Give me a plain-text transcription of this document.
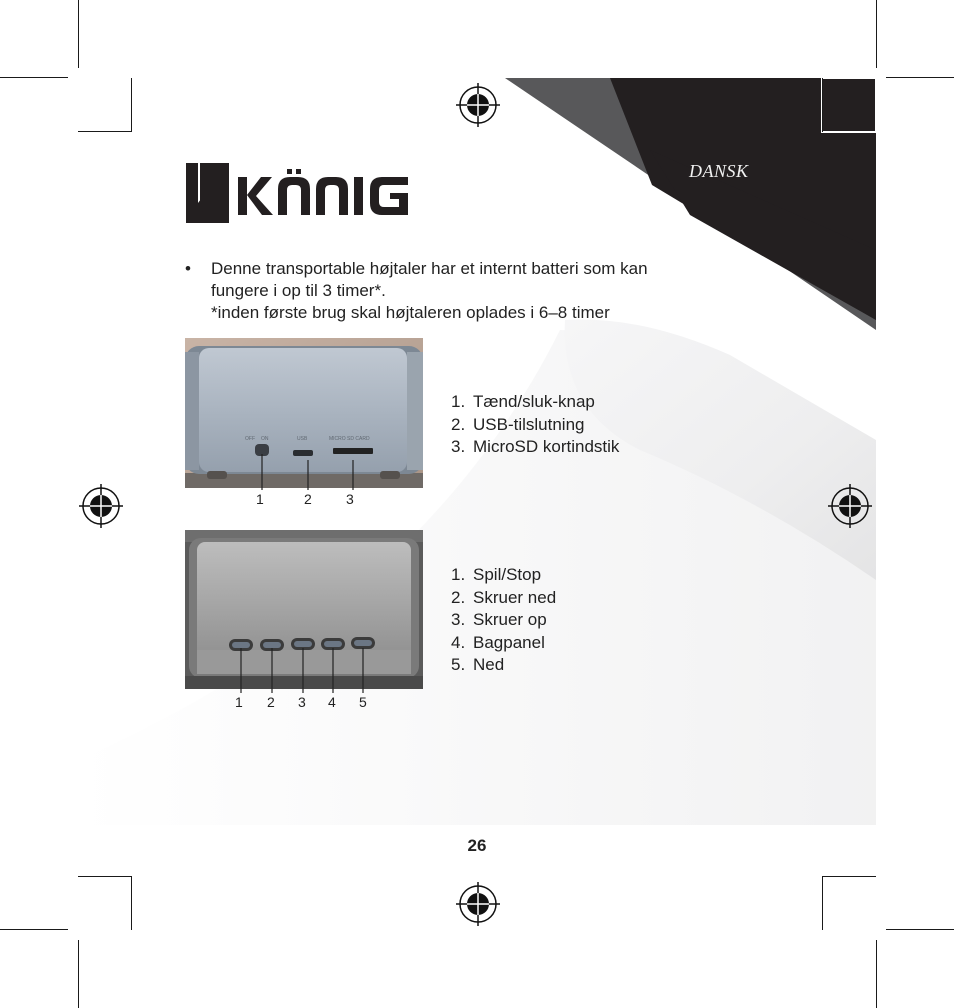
DANSK
• Denne transportable højtaler har et internt batteri som kan
fungere i op til 3 timer*.
*inden første brug skal højtaleren oplades i 6–8 timer
OFF ON	USB	MICRO SD CARD
1	2 3
1. Tænd/sluk-knap
2. USB-tilslutning
3. MicroSD kortindstik
1 2 3 4 5
1. Spil/Stop
2. Skruer ned
3. Skruer op
4. Bagpanel
5. Ned
26
